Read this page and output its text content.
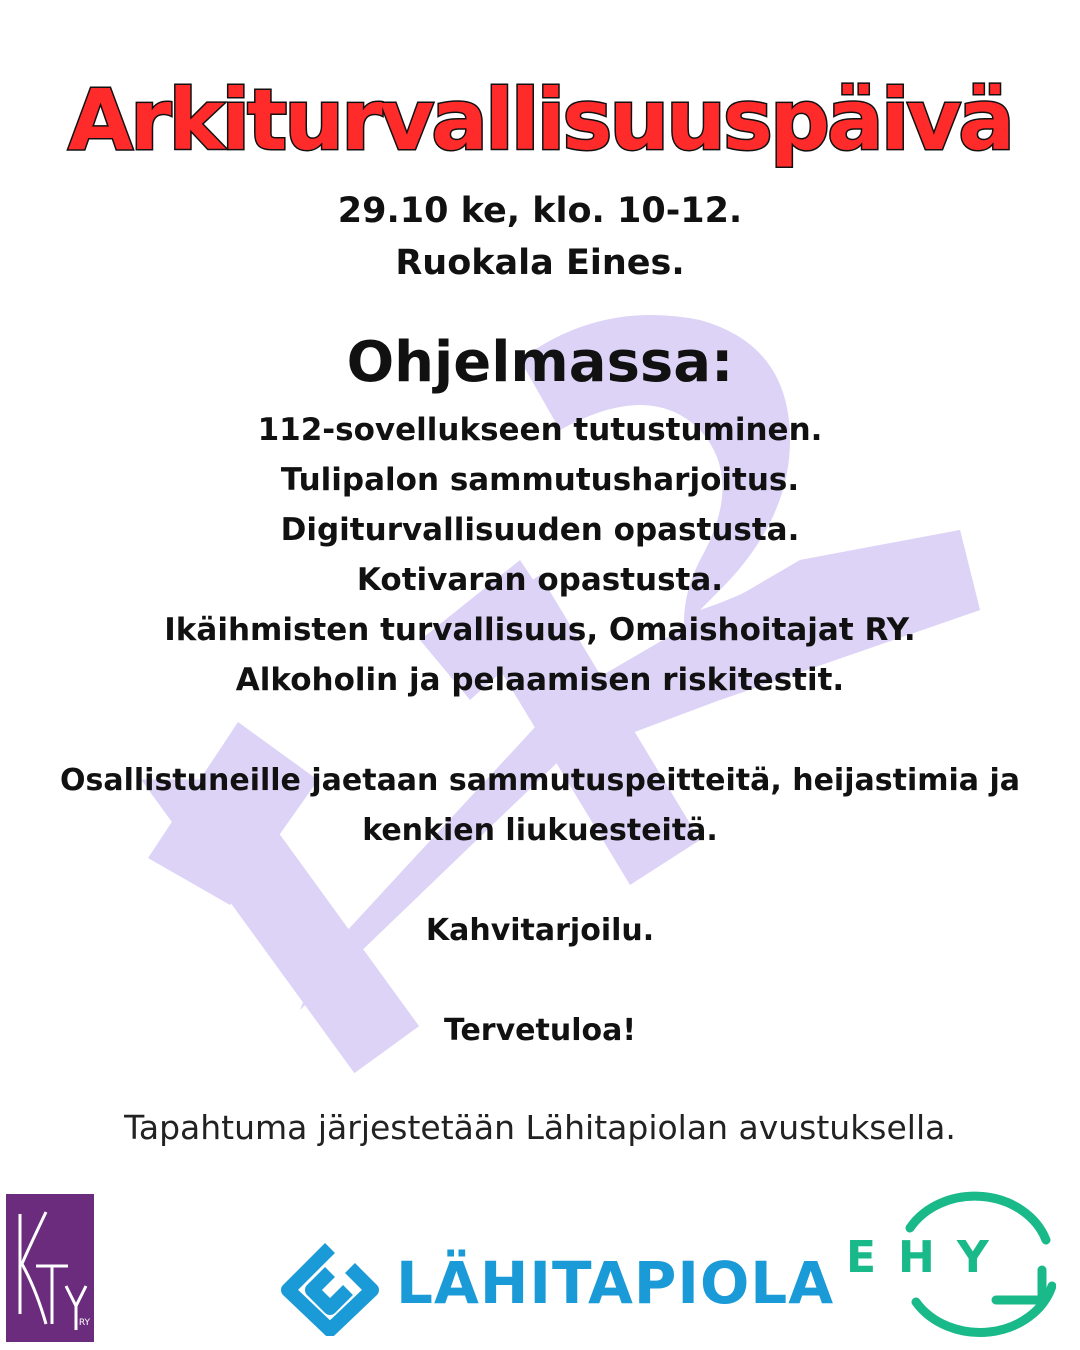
Arkiturvallisuuspäivä
29.10 ke, klo. 10-12.
Ruokala Eines.
Ohjelmassa:
112-sovellukseen tutustuminen.
Tulipalon sammutusharjoitus.
Digiturvallisuuden opastusta.
Kotivaran opastusta.
Ikäihmisten turvallisuus, Omaishoitajat RY.
Alkoholin ja pelaamisen riskitestit.
Osallistuneille jaetaan sammutuspeitteitä, heijastimia ja kenkien liukuesteitä.
Kahvitarjoilu.
Tervetuloa!
Tapahtuma järjestetään Lähitapiolan avustuksella.
RY
LÄHITAPIOLA EHY
